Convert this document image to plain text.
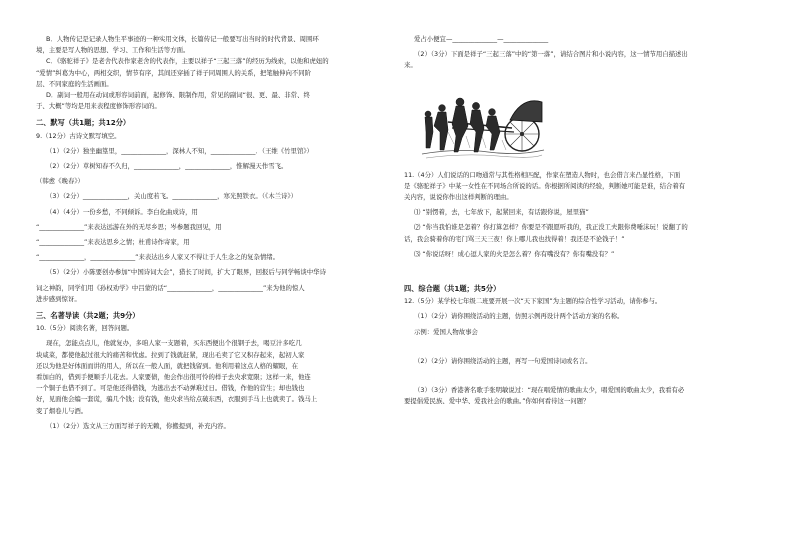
B．人物传记是记录人物生平事迹的一种实用文体，长篇传记一般要写出当时的时代背景、周围环

境，主要是写人物的思想、学习、工作和生活等方面。

C．《骆驼祥子》是老舍代表作家老舍的代表作，主要以祥子“三起三落”的经历为线索，以他和虎妞的

“爱情”纠葛为中心，两相交织，情节有序，其间还穿插了祥子同周围人的关系，把笔触伸向不同阶

层、不同家庭的生活画面。

D．副词一般用在动词或形容词前面，起修饰、限制作用，常见的副词“很、更、最、非常、终

于、大概”等均是用来表程度修饰形容词的。

二、默写（共1题；共12分）

9.（12分）古诗文默写填空。

（1）（2分）独坐幽篁里，______________，深林人不知，______________．（王维《竹里馆》）

（2）（2分）草树知春不久归，______________，______________，惟解漫天作雪飞。

（韩愈《晚春》）

（3）（2分）______________，关山度若飞。______________，寒光照铁衣。（《木兰诗》）

（4）（4分）一份乡愁，不同倾诉。李白化曲成诗，用

“______________”来表达远游在外的无尽乡思；岑参题我回见，用

“______________”来表达思乡之情；杜甫诗作寄家，用

“______________，______________”来表达出乡人家又不得让于人生念之的复杂情绪。

（5）（2分）小陈要创办参加“中国诗词大会”，猎长了时间，扩大了眼界，回报后与同学畅谈中华诗

词之神韵，同学们用《孙权劝学》中吕蒙的话“______________，______________”来为他的惊人

进步感到惊讶。

三、名著导读（共2题；共9分）

10.（5分）阅读名著，回答问题。

现在，怎能点点儿，他就复办，多咱人家一支题着，买东西便出个很钢子去，喝豆汁多吃几

块咸菜，都使他起过很大的痛苦和忧虑。拉到了钱就赶紧，现出毛卖了它又积存起来，起初人家

还以为他是好体面而讲的用人，所以在一般人面，就把钱留到。他利用着这点人格的耀眼，在

看加白的，借到手便顺手儿花去。人家要债，他会作出很可怜的样子去央求宽限；这样一来，他连

一个铜子也借不到了。可是他还得借钱，为逃出去不动弹难过日。借钱，作他的营生；却也钱也

好，见面他会编一套谎，骗几个钱；没有钱，他央求当给点破东西，衣服到手马上也就卖了。钱马上

变了烟卷儿与酒。

（1）（2分）选文从三方面写祥子的无赖，你搬提到，补充内容。

爱占小便宜—______________—______________

（2）（3分）下面是祥子“三起三落”中的“第一落”，请结合图片和小说内容，这一情节用自描述出

来。

11.（4分）人们说话的口吻通常与其性格相匹配，作家在塑造人物时，也会借言来凸显性格，下面

是《骆驼祥子》中某一女性在不同场合所说的话。你根据所阅读的经验，判断她可能是谁，结合着有

关内容，说说你作出这样判断的理由。

⑴ “别愣着，去，七年放下，起紧回来，有话跟你说，屋里猫”

⑵ “你当我怕谁是怎着？你打算怎样？你要是不跟愿听我的，我正没工夫跟你费唾沫玩！说翻了的

话，我会骑着你的宅门骂三天三夜！你上哪儿我也找得着！我还是不论钱子！”

⑶ “你说话呀！成心逗人家的火是怎么着？你有嘴没有？你有嘴没有？”

四、综合题（共1题；共5分）

12.（5分）某学校七年级二班要开展一次“天下家国”为主题的综合性学习活动，请你参与。

（1）（2分）请你围绕活动的主题，仿照示例再设计两个活动方案的名称。

示例：爱国人物故事会

（2）（2分）请你围绕活动的主题，再写一句爱国诗词或名言。

（3）（3分）香港著名歌手张明敏说过：“现在唱爱情的歌曲太少，唱爱国的歌曲太少，我看有必

要提倡爱民族、爱中华、爱我社会的歌曲。”你如何看待这一问题？
